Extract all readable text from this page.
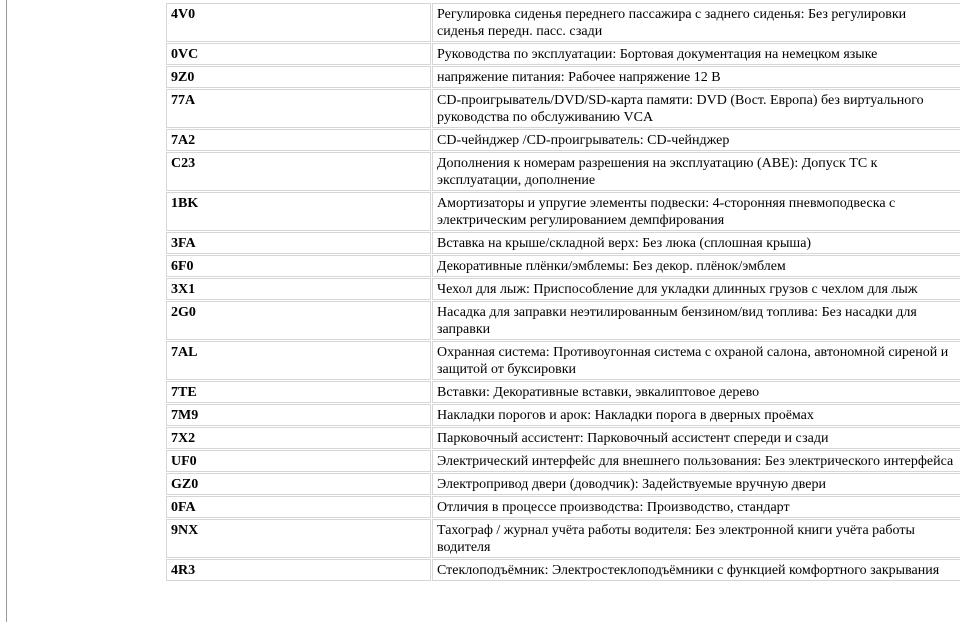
4V0	Регулировка сиденья переднего пассажира с заднего сиденья: Без регулировки сиденья передн. пасс. сзади
0VC	Руководства по эксплуатации: Бортовая документация на немецком языке
9Z0	напряжение питания: Рабочее напряжение 12 В
77A	CD-проигрыватель/DVD/SD-карта памяти: DVD (Вост. Европа) без виртуального руководства по обслуживанию VCA
7A2	CD-чейнджер /CD-проигрыватель: CD-чейнджер
C23	Дополнения к номерам разрешения на эксплуатацию (ABE): Допуск ТС к эксплуатации, дополнение
1BK	Амортизаторы и упругие элементы подвески: 4-сторонняя пневмоподвеска с электрическим регулированием демпфирования
3FA	Вставка на крыше/складной верх: Без люка (сплошная крыша)
6F0	Декоративные плёнки/эмблемы: Без декор. плёнок/эмблем
3X1	Чехол для лыж: Приспособление для укладки длинных грузов с чехлом для лыж
2G0	Насадка для заправки неэтилированным бензином/вид топлива: Без насадки для заправки
7AL	Охранная система: Противоугонная система с охраной салона, автономной сиреной и защитой от буксировки
7TE	Вставки: Декоративные вставки, эвкалиптовое дерево
7M9	Накладки порогов и арок: Накладки порога в дверных проёмах
7X2	Парковочный ассистент: Парковочный ассистент спереди и сзади
UF0	Электрический интерфейс для внешнего пользования: Без электрического интерфейса
GZ0	Электропривод двери (доводчик): Задействуемые вручную двери
0FA	Отличия в процессе производства: Производство, стандарт
9NX	Тахограф / журнал учёта работы водителя: Без электронной книги учёта работы водителя
4R3	Стеклоподъёмник: Электростеклоподъёмники с функцией комфортного закрывания
